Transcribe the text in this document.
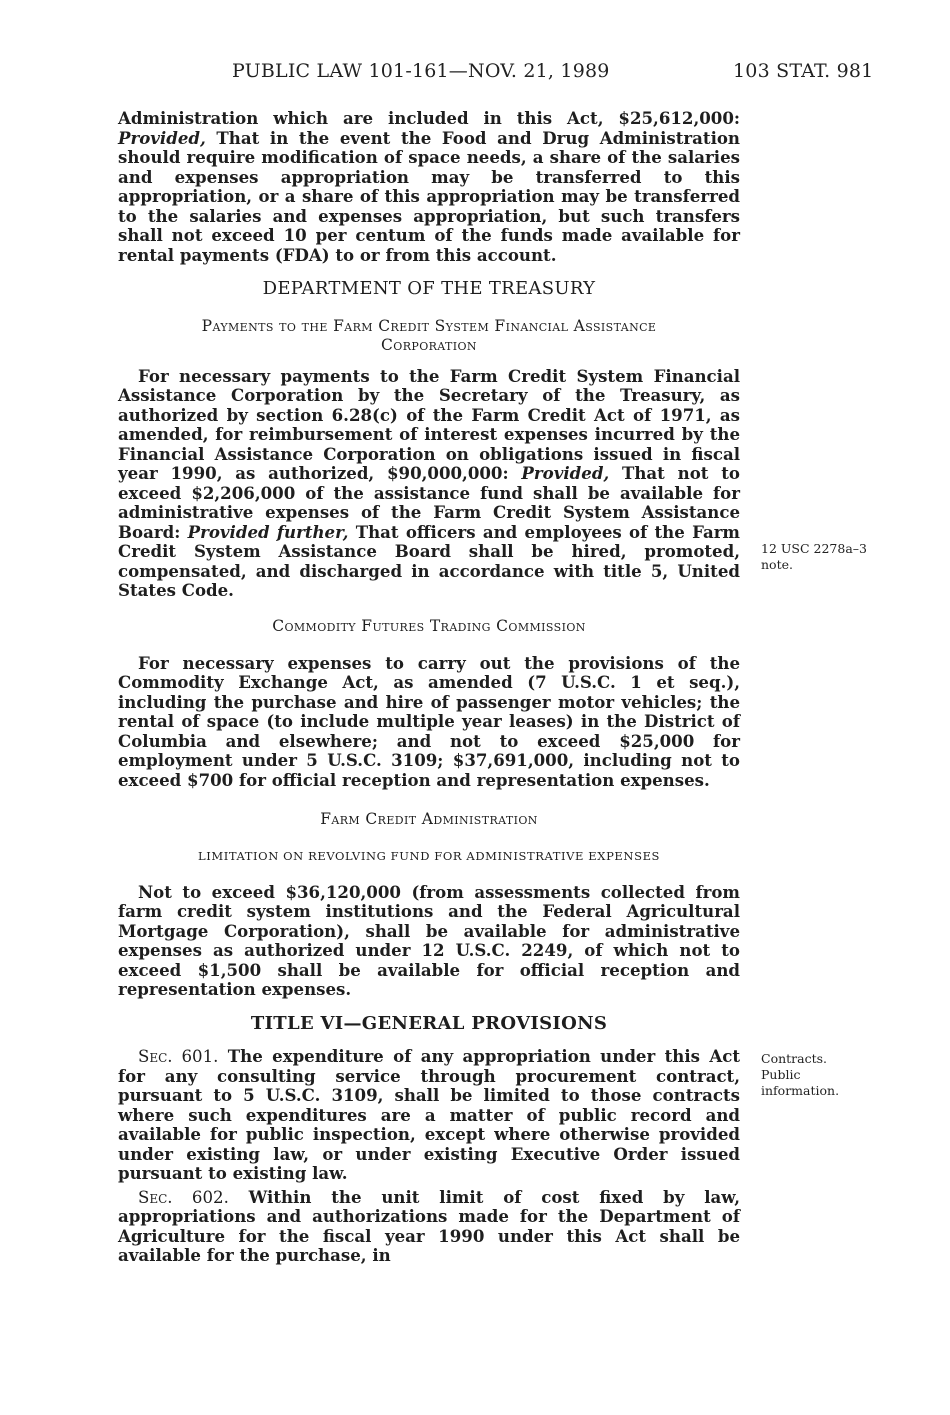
PUBLIC LAW 101-161—NOV. 21, 1989	103 STAT. 981

Administration which are included in this Act, $25,612,000: Provided, That in the event the Food and Drug Administration should require modification of space needs, a share of the salaries and expenses appropriation may be transferred to this appropriation, or a share of this appropriation may be transferred to the salaries and expenses appropriation, but such transfers shall not exceed 10 per centum of the funds made available for rental payments (FDA) to or from this account.

DEPARTMENT OF THE TREASURY
Payments to the Farm Credit System Financial Assistance Corporation

For necessary payments to the Farm Credit System Financial Assistance Corporation by the Secretary of the Treasury, as authorized by section 6.28(c) of the Farm Credit Act of 1971, as amended, for reimbursement of interest expenses incurred by the Financial Assistance Corporation on obligations issued in fiscal year 1990, as authorized, $90,000,000: Provided, That not to exceed $2,206,000 of the assistance fund shall be available for administrative expenses of the Farm Credit System Assistance Board: Provided further, That officers and employees of the Farm Credit System Assistance Board shall be hired, promoted, compensated, and discharged in accordance with title 5, United States Code.

Commodity Futures Trading Commission

For necessary expenses to carry out the provisions of the Commodity Exchange Act, as amended (7 U.S.C. 1 et seq.), including the purchase and hire of passenger motor vehicles; the rental of space (to include multiple year leases) in the District of Columbia and elsewhere; and not to exceed $25,000 for employment under 5 U.S.C. 3109; $37,691,000, including not to exceed $700 for official reception and representation expenses.

Farm Credit Administration
LIMITATION ON REVOLVING FUND FOR ADMINISTRATIVE EXPENSES

Not to exceed $36,120,000 (from assessments collected from farm credit system institutions and the Federal Agricultural Mortgage Corporation), shall be available for administrative expenses as authorized under 12 U.S.C. 2249, of which not to exceed $1,500 shall be available for official reception and representation expenses.

TITLE VI—GENERAL PROVISIONS

Sec. 601. The expenditure of any appropriation under this Act for any consulting service through procurement contract, pursuant to 5 U.S.C. 3109, shall be limited to those contracts where such expenditures are a matter of public record and available for public inspection, except where otherwise provided under existing law, or under existing Executive Order issued pursuant to existing law.

Sec. 602. Within the unit limit of cost fixed by law, appropriations and authorizations made for the Department of Agriculture for the fiscal year 1990 under this Act shall be available for the purchase, in

12 USC 2278a–3
note.
Contracts.
Public
information.
